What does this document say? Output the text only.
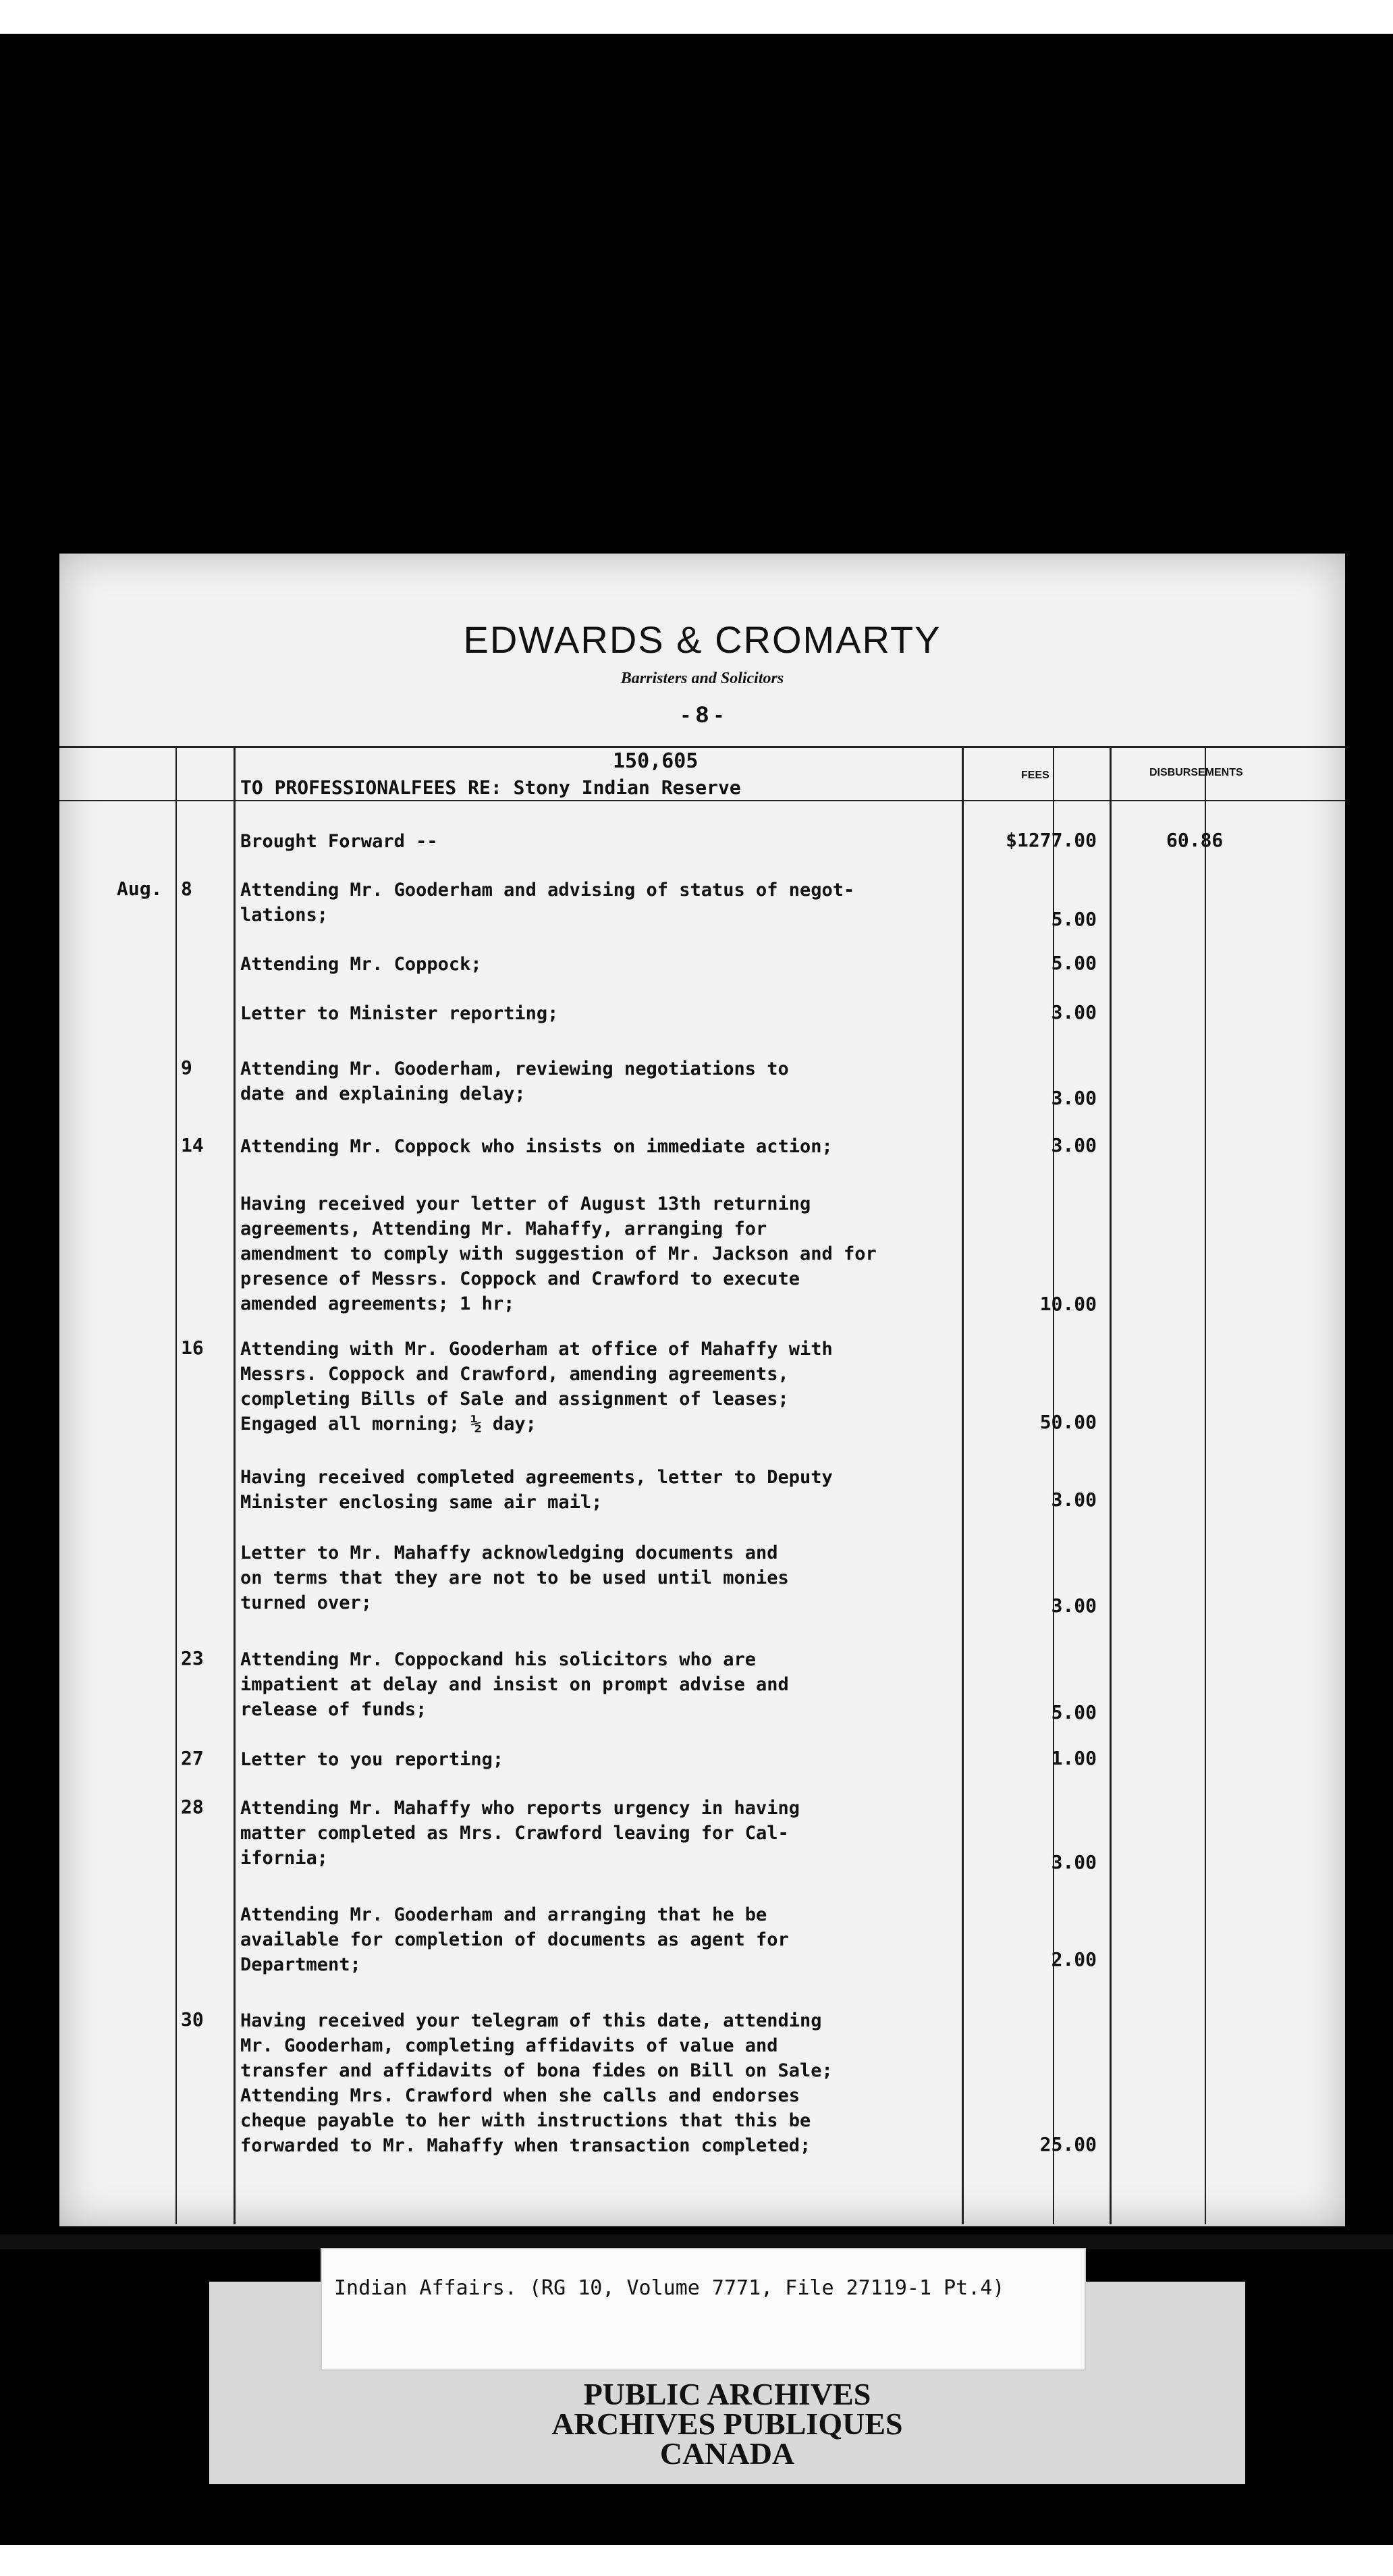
EDWARDS & CROMARTY
Barristers and Solicitors
- 8 -
FEES	DISBURSEMENTS
150,605
TO PROFESSIONALFEES RE: Stony Indian Reserve
Brought Forward --	$1277.00	60.86
Aug. 8	Attending Mr. Gooderham and advising of status of negot-
lations;	5.00
Attending Mr. Coppock;	5.00
Letter to Minister reporting;	3.00
9	Attending Mr. Gooderham, reviewing negotiations to
date and explaining delay;	3.00
14	Attending Mr. Coppock who insists on immediate action;	3.00
Having received your letter of August 13th returning
agreements, Attending Mr. Mahaffy, arranging for
amendment to comply with suggestion of Mr. Jackson and for
presence of Messrs. Coppock and Crawford to execute
amended agreements; 1 hr;	10.00
16	Attending with Mr. Gooderham at office of Mahaffy with
Messrs. Coppock and Crawford, amending agreements,
completing Bills of Sale and assignment of leases;
Engaged all morning; ½ day;	50.00
Having received completed agreements, letter to Deputy
Minister enclosing same air mail;	3.00
Letter to Mr. Mahaffy acknowledging documents and
on terms that they are not to be used until monies
turned over;	3.00
23	Attending Mr. Coppockand his solicitors who are
impatient at delay and insist on prompt advise and
release of funds;	5.00
27	Letter to you reporting;	1.00
28	Attending Mr. Mahaffy who reports urgency in having
matter completed as Mrs. Crawford leaving for Cal-
ifornia;	3.00
Attending Mr. Gooderham and arranging that he be
available for completion of documents as agent for
Department;	2.00
30	Having received your telegram of this date, attending
Mr. Gooderham, completing affidavits of value and
transfer and affidavits of bona fides on Bill on Sale;
Attending Mrs. Crawford when she calls and endorses
cheque payable to her with instructions that this be
forwarded to Mr. Mahaffy when transaction completed;	25.00
PUBLIC ARCHIVES
ARCHIVES PUBLIQUES
CANADA
Indian Affairs. (RG 10, Volume 7771, File 27119-1 Pt.4)
